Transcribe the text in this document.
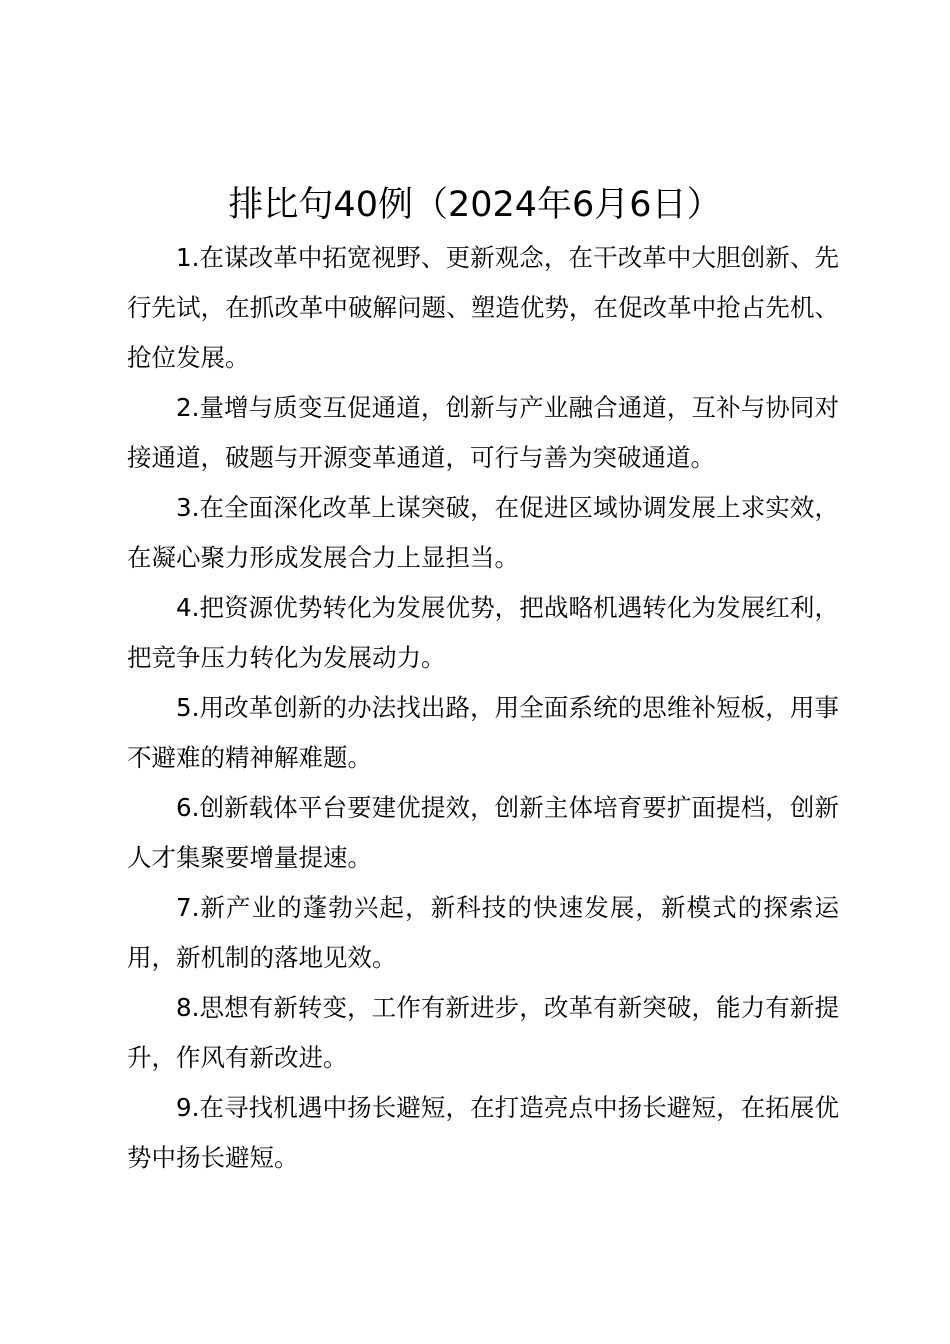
排比句40例（2024年6月6日）

1.在谋改革中拓宽视野、更新观念，在干改革中大胆创新、先行先试，在抓改革中破解问题、塑造优势，在促改革中抢占先机、抢位发展。

2.量增与质变互促通道，创新与产业融合通道，互补与协同对接通道，破题与开源变革通道，可行与善为突破通道。

3.在全面深化改革上谋突破，在促进区域协调发展上求实效，在凝心聚力形成发展合力上显担当。

4.把资源优势转化为发展优势，把战略机遇转化为发展红利，把竞争压力转化为发展动力。

5.用改革创新的办法找出路，用全面系统的思维补短板，用事不避难的精神解难题。

6.创新载体平台要建优提效，创新主体培育要扩面提档，创新人才集聚要增量提速。

7.新产业的蓬勃兴起，新科技的快速发展，新模式的探索运用，新机制的落地见效。

8.思想有新转变，工作有新进步，改革有新突破，能力有新提升，作风有新改进。

9.在寻找机遇中扬长避短，在打造亮点中扬长避短，在拓展优势中扬长避短。
